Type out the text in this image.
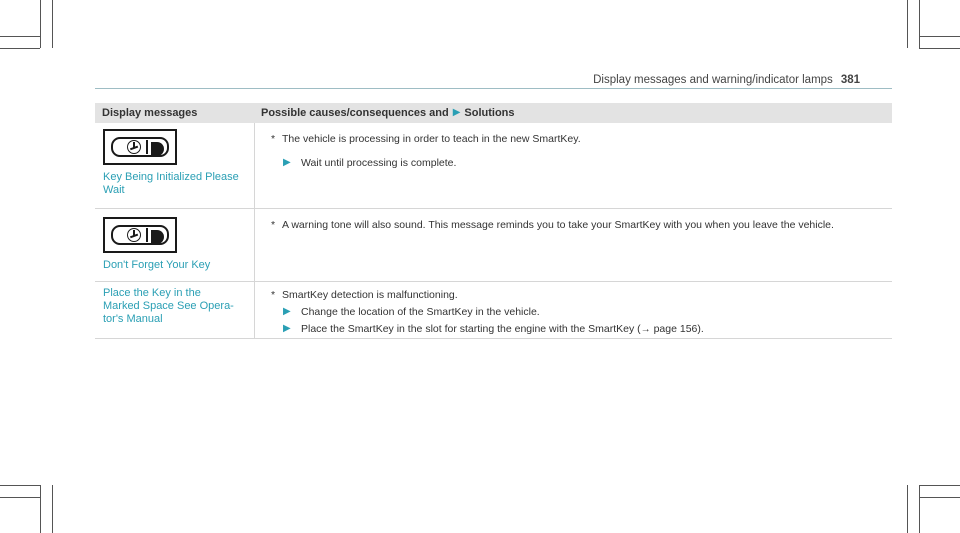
Display messages and warning/indicator lamps 381
Display messages	Possible causes/consequences and ▶ Solutions
Key Being Initialized Please Wait
* The vehicle is processing in order to teach in the new SmartKey.
▶ Wait until processing is complete.
Don't Forget Your Key
* A warning tone will also sound. This message reminds you to take your SmartKey with you when you leave the vehicle.
Place the Key in the
Marked Space See Opera-
tor's Manual
* SmartKey detection is malfunctioning.
▶ Change the location of the SmartKey in the vehicle.
▶ Place the SmartKey in the slot for starting the engine with the SmartKey (→ page 156).
